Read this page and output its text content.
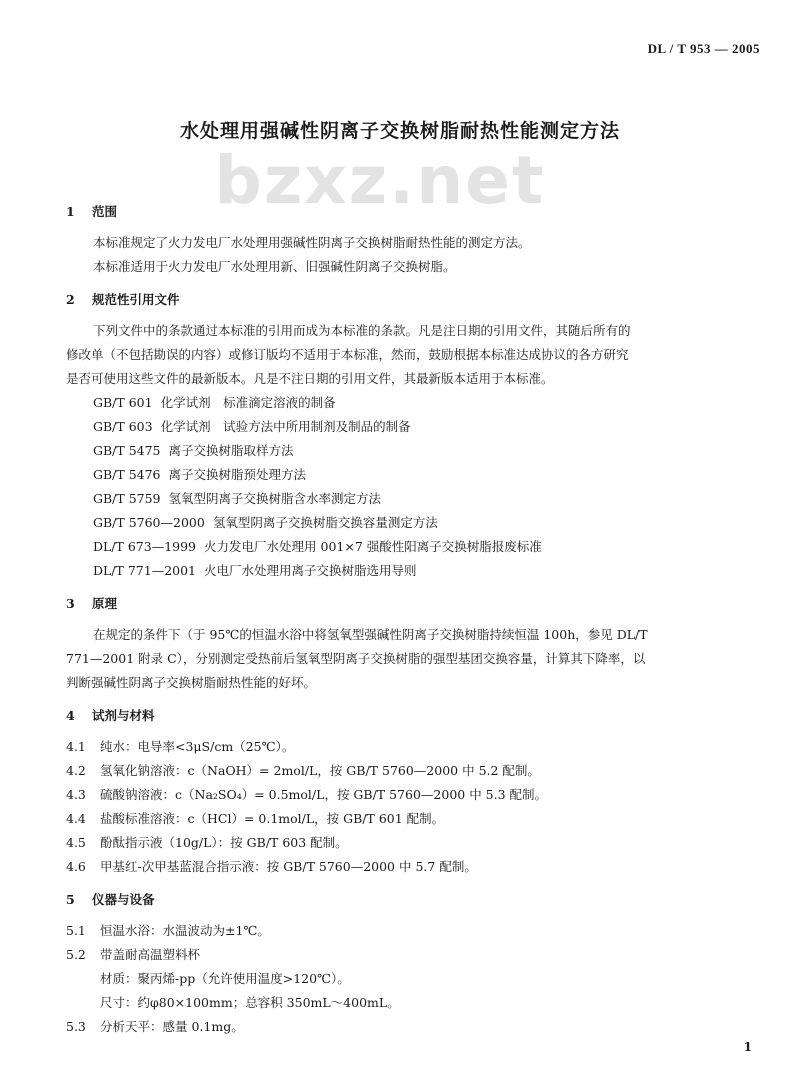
DL / T 953 — 2005
水处理用强碱性阴离子交换树脂耐热性能测定方法
bzxz.net
1 范围
本标准规定了火力发电厂水处理用强碱性阴离子交换树脂耐热性能的测定方法。
本标准适用于火力发电厂水处理用新、旧强碱性阴离子交换树脂。
2 规范性引用文件
下列文件中的条款通过本标准的引用而成为本标准的条款。凡是注日期的引用文件，其随后所有的
修改单（不包括勘误的内容）或修订版均不适用于本标准，然而，鼓励根据本标准达成协议的各方研究
是否可使用这些文件的最新版本。凡是不注日期的引用文件，其最新版本适用于本标准。
GB/T 601 化学试剂　标准滴定溶液的制备
GB/T 603 化学试剂　试验方法中所用制剂及制品的制备
GB/T 5475 离子交换树脂取样方法
GB/T 5476 离子交换树脂预处理方法
GB/T 5759 氢氧型阴离子交换树脂含水率测定方法
GB/T 5760—2000 氢氧型阴离子交换树脂交换容量测定方法
DL/T 673—1999 火力发电厂水处理用 001×7 强酸性阳离子交换树脂报废标准
DL/T 771—2001 火电厂水处理用离子交换树脂选用导则
3 原理
在规定的条件下（于 95℃的恒温水浴中将氢氧型强碱性阴离子交换树脂持续恒温 100h，参见 DL/T
771—2001 附录 C），分别测定受热前后氢氧型阴离子交换树脂的强型基团交换容量，计算其下降率，以
判断强碱性阴离子交换树脂耐热性能的好坏。
4 试剂与材料
4.1 纯水：电导率<3μS/cm（25℃）。
4.2 氢氧化钠溶液：c（NaOH）= 2mol/L，按 GB/T 5760—2000 中 5.2 配制。
4.3 硫酸钠溶液：c（Na₂SO₄）= 0.5mol/L，按 GB/T 5760—2000 中 5.3 配制。
4.4 盐酸标准溶液：c（HCl）= 0.1mol/L，按 GB/T 601 配制。
4.5 酚酞指示液（10g/L）：按 GB/T 603 配制。
4.6 甲基红-次甲基蓝混合指示液：按 GB/T 5760—2000 中 5.7 配制。
5 仪器与设备
5.1 恒温水浴：水温波动为±1℃。
5.2 带盖耐高温塑料杯
材质：聚丙烯-pp（允许使用温度>120℃）。
尺寸：约φ80×100mm；总容积 350mL～400mL。
5.3 分析天平：感量 0.1mg。
1
